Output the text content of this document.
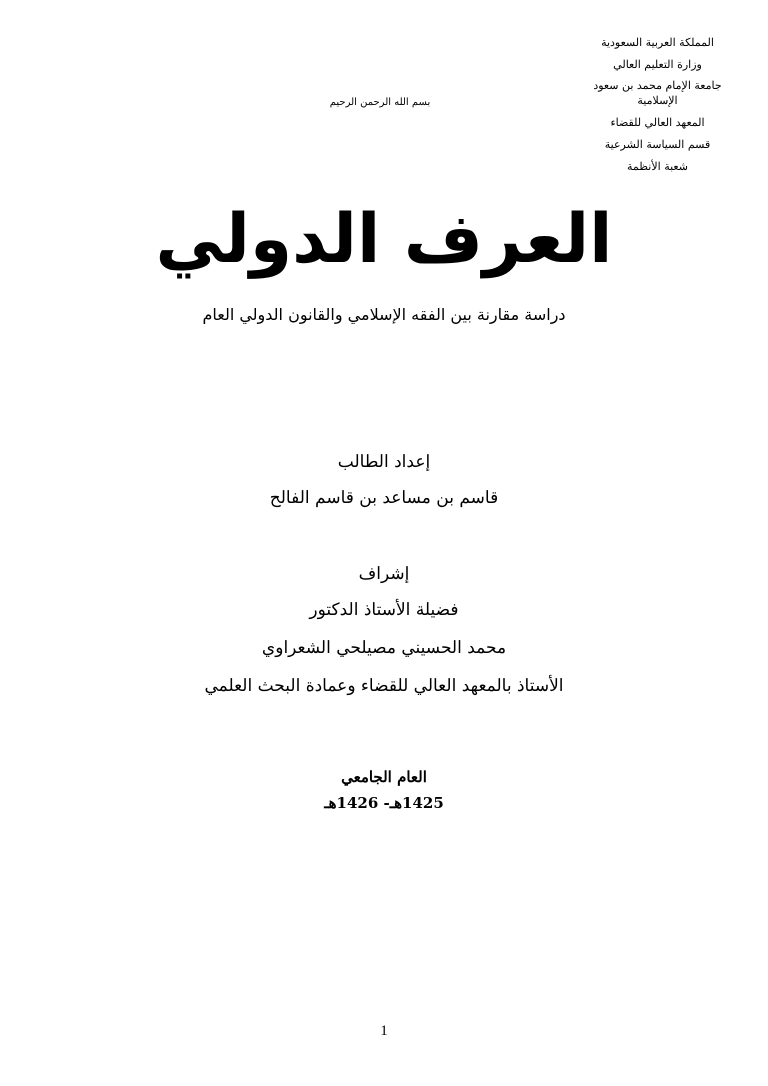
المملكة العربية السعودية
وزارة التعليم العالي
جامعة الإمام محمد بن سعود الإسلامية
المعهد العالي للقضاء
قسم السياسة الشرعية
شعبة الأنظمة
بسم الله الرحمن الرحيم
العرف الدولي
دراسة مقارنة بين الفقه الإسلامي والقانون الدولي العام
إعداد الطالب
قاسم بن مساعد بن قاسم الفالح
إشراف
فضيلة الأستاذ الدكتور
محمد الحسيني مصيلحي الشعراوي
الأستاذ بالمعهد العالي للقضاء وعمادة البحث العلمي
العام الجامعي
1425هـ- 1426هـ
1
